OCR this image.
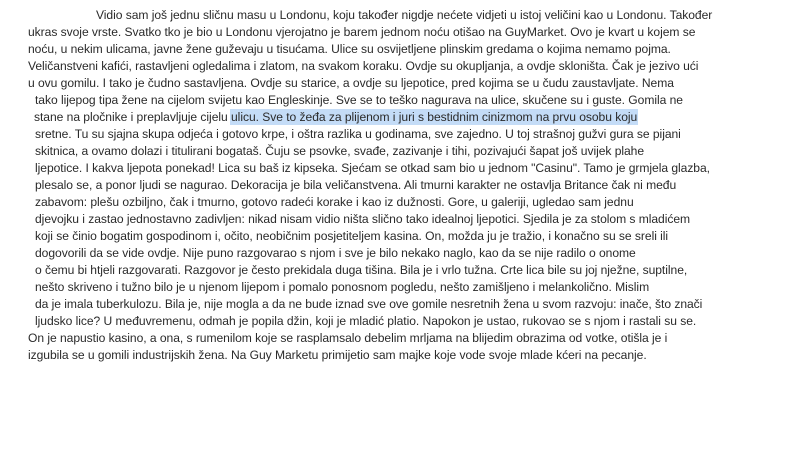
Vidio sam još jednu sličnu masu u Londonu, koju također nigdje nećete vidjeti u istoj veličini kao u Londonu. Također
ukras svoje vrste. Svatko tko je bio u Londonu vjerojatno je barem jednom noću otišao na GuyMarket. Ovo je kvart u kojem se
noću, u nekim ulicama, javne žene guževaju u tisućama. Ulice su osvijetljene plinskim gredama o kojima nemamo pojma.
Veličanstveni kafići, rastavljeni ogledalima i zlatom, na svakom koraku. Ovdje su okupljanja, a ovdje skloništa. Čak je jezivo ući
u ovu gomilu. I tako je čudno sastavljena. Ovdje su starice, a ovdje su ljepotice, pred kojima se u čudu zaustavljate. Nema
tako lijepog tipa žene na cijelom svijetu kao Engleskinje. Sve se to teško nagurava na ulice, skučene su i guste. Gomila ne
stane na pločnike i preplavljuje cijelu ulicu. Sve to žeđa za plijenom i juri s bestidnim cinizmom na prvu osobu koju
sretne. Tu su sjajna skupa odjeća i gotovo krpe, i oštra razlika u godinama, sve zajedno. U toj strašnoj gužvi gura se pijani
skitnica, a ovamo dolazi i titulirani bogataš. Čuju se psovke, svađe, zazivanje i tihi, pozivajući šapat još uvijek plahe
ljepotice. I kakva ljepota ponekad! Lica su baš iz kipseka. Sjećam se otkad sam bio u jednom "Casinu". Tamo je grmjela glazba,
plesalo se, a ponor ljudi se nagurao. Dekoracija je bila veličanstvena. Ali tmurni karakter ne ostavlja Britance čak ni među
zabavom: plešu ozbiljno, čak i tmurno, gotovo radeći korake i kao iz dužnosti. Gore, u galeriji, ugledao sam jednu
djevojku i zastao jednostavno zadivljen: nikad nisam vidio ništa slično tako idealnoj ljepotici. Sjedila je za stolom s mladićem
koji se činio bogatim gospodinom i, očito, neobičnim posjetiteljem kasina. On, možda ju je tražio, i konačno su se sreli ili
dogovorili da se vide ovdje. Nije puno razgovarao s njom i sve je bilo nekako naglo, kao da se nije radilo o onome
o čemu bi htjeli razgovarati. Razgovor je često prekidala duga tišina. Bila je i vrlo tužna. Crte lica bile su joj nježne, suptilne,
nešto skriveno i tužno bilo je u njenom lijepom i pomalo ponosnom pogledu, nešto zamišljeno i melankolično. Mislim
da je imala tuberkulozu. Bila je, nije mogla a da ne bude iznad sve ove gomile nesretnih žena u svom razvoju: inače, što znači
ljudsko lice? U međuvremenu, odmah je popila džin, koji je mladić platio. Napokon je ustao, rukovao se s njom i rastali su se.
On je napustio kasino, a ona, s rumenilom koje se rasplamsalo debelim mrljama na blijedim obrazima od votke, otišla je i
izgubila se u gomili industrijskih žena. Na Guy Marketu primijetio sam majke koje vode svoje mlade kćeri na pecanje.
